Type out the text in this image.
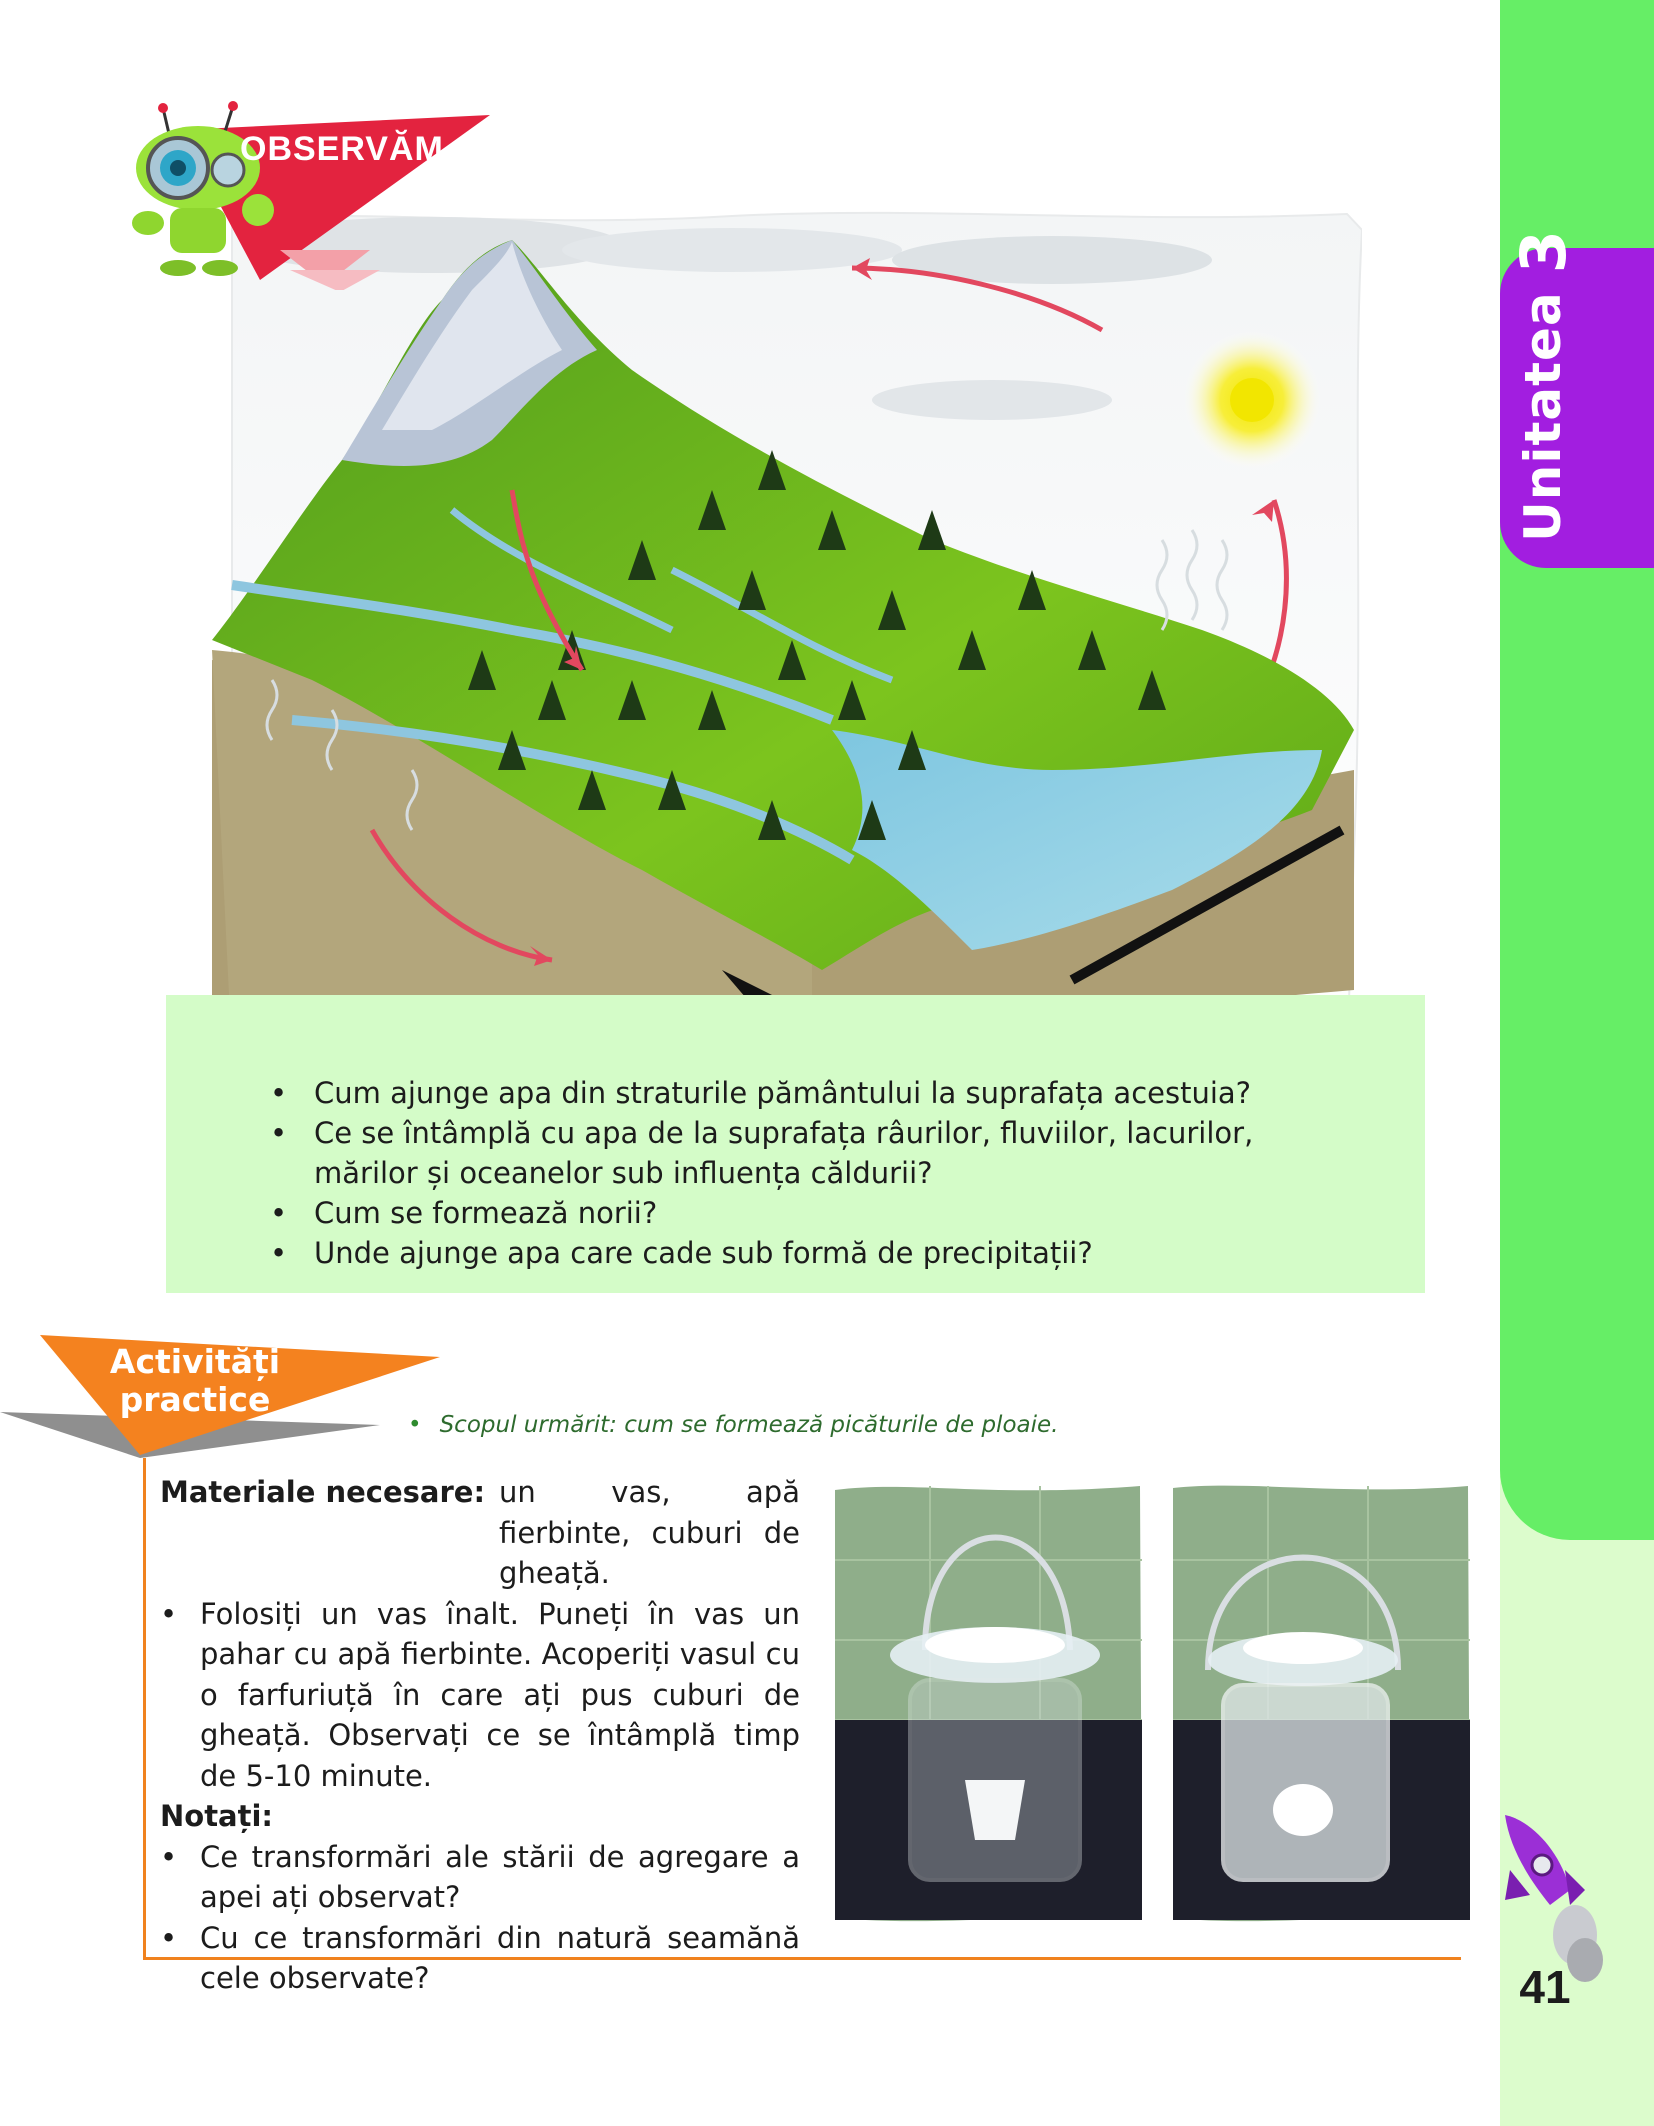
Unitatea
3
OBSERVĂM
• Cum ajunge apa din straturile pământului la suprafața acestuia?
• Ce se întâmplă cu apa de la suprafața râurilor, fluviilor, lacurilor, mărilor și oceanelor sub influența căldurii?
• Cum se formează norii?
• Unde ajunge apa care cade sub formă de precipitații?
Activități
practice
• Scopul urmărit: cum se formează picăturile de ploaie.
Materiale necesare: un vas, apă fierbinte, cuburi de gheață.
• Folosiți un vas înalt. Puneți în vas un pahar cu apă fierbinte. Acoperiți vasul cu o farfuriuță în care ați pus cuburi de gheață. Observați ce se întâmplă timp de 5-10 minute.
Notați:
• Ce transformări ale stării de agregare a apei ați observat?
• Cu ce transformări din natură seamănă cele observate?	41
